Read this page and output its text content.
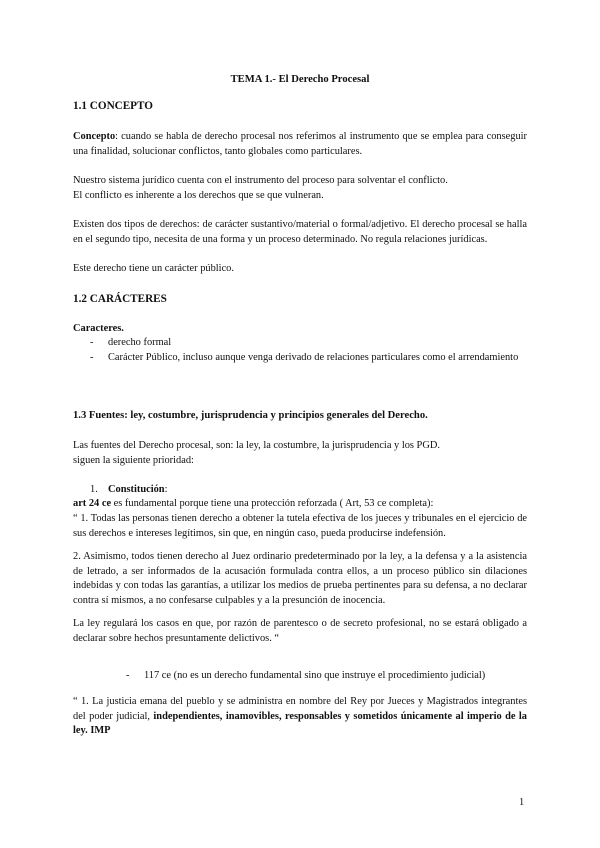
TEMA 1.- El Derecho Procesal
1.1 CONCEPTO

Concepto: cuando se habla de derecho procesal nos referimos al instrumento que se emplea para conseguir una finalidad, solucionar conflictos, tanto globales como particulares.

Nuestro sistema jurídico cuenta con el instrumento del proceso para solventar el conflicto.

El conflicto es inherente a los derechos que se que vulneran.

Existen dos tipos de derechos: de carácter sustantivo/material o formal/adjetivo. El derecho procesal se halla en el segundo tipo, necesita de una forma y un proceso determinado. No regula relaciones jurídicas.

Este derecho tiene un carácter público.

1.2 CARÁCTERES
Caracteres.
- derecho formal
- Carácter Público, incluso aunque venga derivado de relaciones particulares como el arrendamiento
1.3 Fuentes: ley, costumbre, jurisprudencia y principios generales del Derecho.

Las fuentes del Derecho procesal, son: la ley, la costumbre, la jurisprudencia y los PGD.

siguen la siguiente prioridad:

1. Constitución:

art 24 ce es fundamental porque tiene una protección reforzada ( Art, 53 ce completa):

“ 1. Todas las personas tienen derecho a obtener la tutela efectiva de los jueces y tribunales en el ejercicio de sus derechos e intereses legítimos, sin que, en ningún caso, pueda producirse indefensión.

2. Asimismo, todos tienen derecho al Juez ordinario predeterminado por la ley, a la defensa y a la asistencia de letrado, a ser informados de la acusación formulada contra ellos, a un proceso público sin dilaciones indebidas y con todas las garantías, a utilizar los medios de prueba pertinentes para su defensa, a no declarar contra sí mismos, a no confesarse culpables y a la presunción de inocencia.

La ley regulará los casos en que, por razón de parentesco o de secreto profesional, no se estará obligado a declarar sobre hechos presuntamente delictivos. “

- 117 ce (no es un derecho fundamental sino que instruye el procedimiento judicial)

“ 1. La justicia emana del pueblo y se administra en nombre del Rey por Jueces y Magistrados integrantes del poder judicial, independientes, inamovibles, responsables y sometidos únicamente al imperio de la ley. IMP

1
